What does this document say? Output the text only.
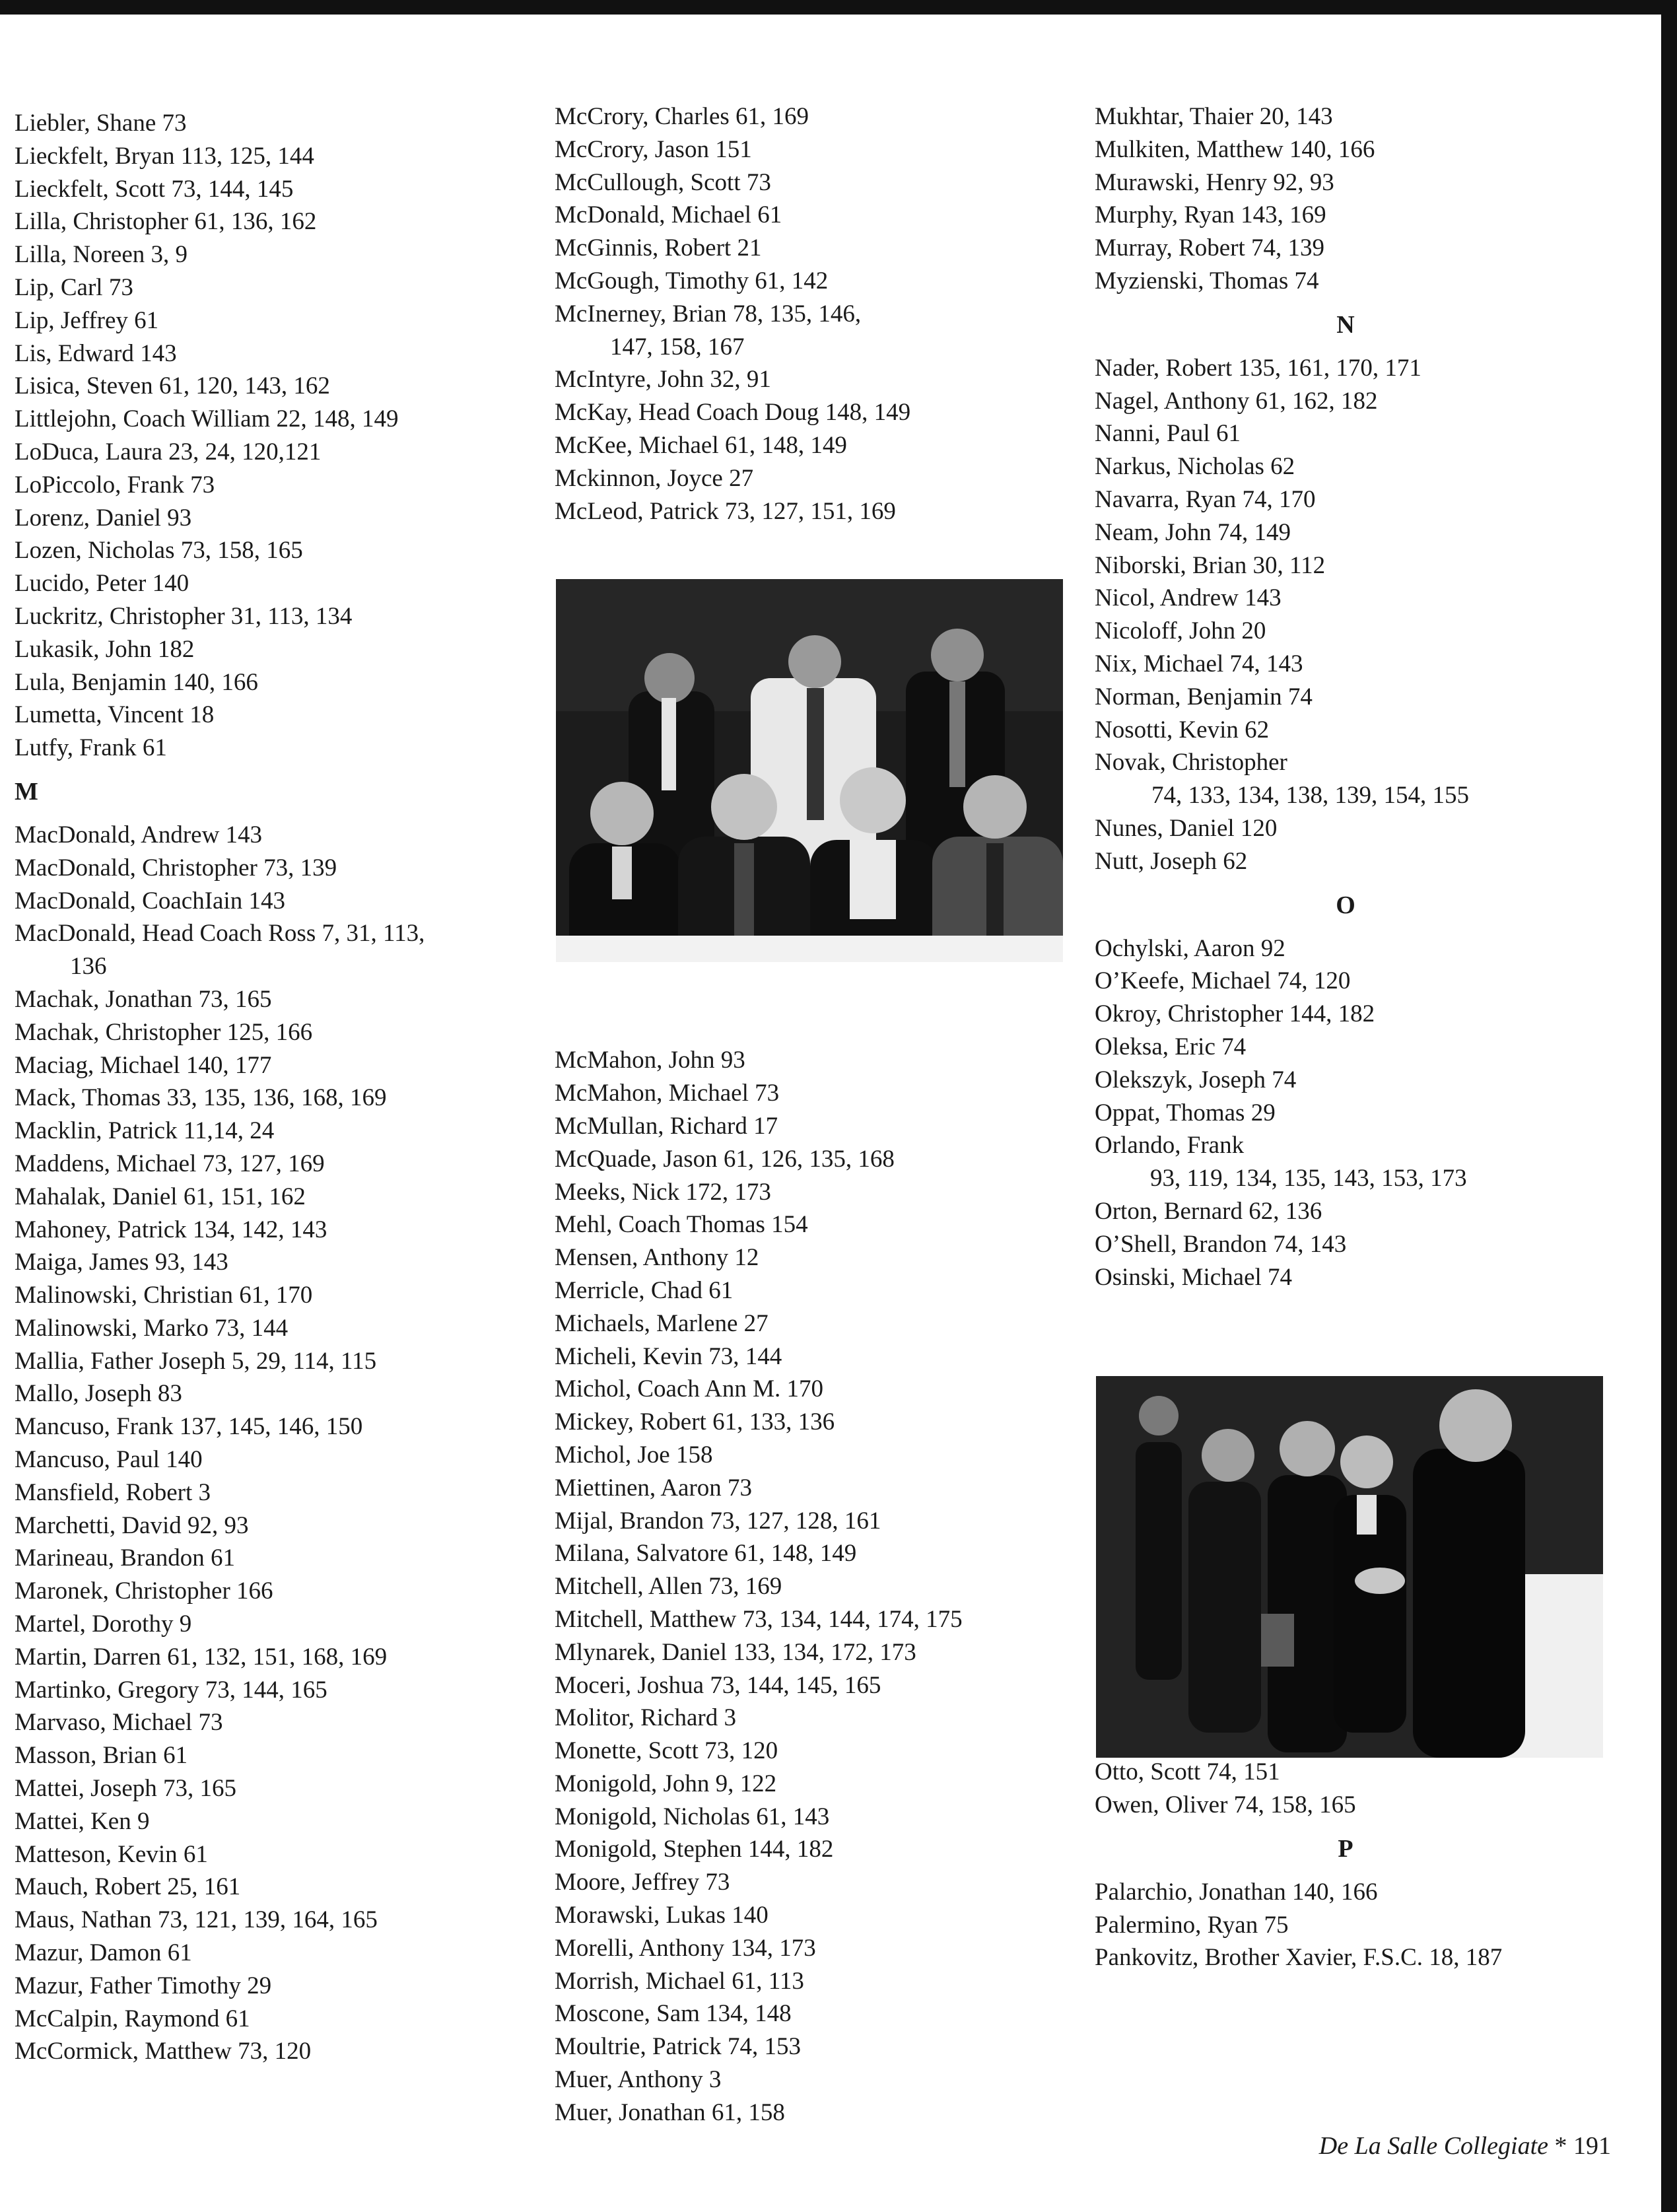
Liebler, Shane 73
Lieckfelt, Bryan 113, 125, 144
Lieckfelt, Scott 73, 144, 145
Lilla, Christopher 61, 136, 162
Lilla, Noreen 3, 9
Lip, Carl 73
Lip, Jeffrey 61
Lis, Edward 143
Lisica, Steven 61, 120, 143, 162
Littlejohn, Coach William 22, 148, 149
LoDuca, Laura 23, 24, 120,121
LoPiccolo, Frank 73
Lorenz, Daniel 93
Lozen, Nicholas 73, 158, 165
Lucido, Peter 140
Luckritz, Christopher 31, 113, 134
Lukasik, John 182
Lula, Benjamin 140, 166
Lumetta, Vincent 18
Lutfy, Frank 61
M
MacDonald, Andrew 143
MacDonald, Christopher 73, 139
MacDonald, CoachIain 143
MacDonald, Head Coach Ross 7, 31, 113,
136
Machak, Jonathan 73, 165
Machak, Christopher 125, 166
Maciag, Michael 140, 177
Mack, Thomas 33, 135, 136, 168, 169
Macklin, Patrick 11,14, 24
Maddens, Michael 73, 127, 169
Mahalak, Daniel 61, 151, 162
Mahoney, Patrick 134, 142, 143
Maiga, James 93, 143
Malinowski, Christian 61, 170
Malinowski, Marko 73, 144
Mallia, Father Joseph 5, 29, 114, 115
Mallo, Joseph 83
Mancuso, Frank 137, 145, 146, 150
Mancuso, Paul 140
Mansfield, Robert 3
Marchetti, David 92, 93
Marineau, Brandon 61
Maronek, Christopher 166
Martel, Dorothy 9
Martin, Darren 61, 132, 151, 168, 169
Martinko, Gregory 73, 144, 165
Marvaso, Michael 73
Masson, Brian 61
Mattei, Joseph 73, 165
Mattei, Ken 9
Matteson, Kevin 61
Mauch, Robert 25, 161
Maus, Nathan 73, 121, 139, 164, 165
Mazur, Damon 61
Mazur, Father Timothy 29
McCalpin, Raymond 61
McCormick, Matthew 73, 120
McCrory, Charles 61, 169
McCrory, Jason 151
McCullough, Scott 73
McDonald, Michael 61
McGinnis, Robert 21
McGough, Timothy 61, 142
McInerney, Brian 78, 135, 146,
147, 158, 167
McIntyre, John 32, 91
McKay, Head Coach Doug 148, 149
McKee, Michael 61, 148, 149
Mckinnon, Joyce 27
McLeod, Patrick 73, 127, 151, 169
McMahon, John 93
McMahon, Michael 73
McMullan, Richard 17
McQuade, Jason 61, 126, 135, 168
Meeks, Nick 172, 173
Mehl, Coach Thomas 154
Mensen, Anthony 12
Merricle, Chad 61
Michaels, Marlene 27
Micheli, Kevin 73, 144
Michol, Coach Ann M. 170
Mickey, Robert 61, 133, 136
Michol, Joe 158
Miettinen, Aaron 73
Mijal, Brandon 73, 127, 128, 161
Milana, Salvatore 61, 148, 149
Mitchell, Allen 73, 169
Mitchell, Matthew 73, 134, 144, 174, 175
Mlynarek, Daniel 133, 134, 172, 173
Moceri, Joshua 73, 144, 145, 165
Molitor, Richard 3
Monette, Scott 73, 120
Monigold, John 9, 122
Monigold, Nicholas 61, 143
Monigold, Stephen 144, 182
Moore, Jeffrey 73
Morawski, Lukas 140
Morelli, Anthony 134, 173
Morrish, Michael 61, 113
Moscone, Sam 134, 148
Moultrie, Patrick 74, 153
Muer, Anthony 3
Muer, Jonathan 61, 158
Mukhtar, Thaier 20, 143
Mulkiten, Matthew 140, 166
Murawski, Henry 92, 93
Murphy, Ryan 143, 169
Murray, Robert 74, 139
Myzienski, Thomas 74
N
Nader, Robert 135, 161, 170, 171
Nagel, Anthony 61, 162, 182
Nanni, Paul 61
Narkus, Nicholas 62
Navarra, Ryan 74, 170
Neam, John 74, 149
Niborski, Brian 30, 112
Nicol, Andrew 143
Nicoloff, John 20
Nix, Michael 74, 143
Norman, Benjamin 74
Nosotti, Kevin 62
Novak, Christopher
74, 133, 134, 138, 139, 154, 155
Nunes, Daniel 120
Nutt, Joseph 62
O
Ochylski, Aaron 92
O’Keefe, Michael 74, 120
Okroy, Christopher 144, 182
Oleksa, Eric 74
Olekszyk, Joseph 74
Oppat, Thomas 29
Orlando, Frank
93, 119, 134, 135, 143, 153, 173
Orton, Bernard 62, 136
O’Shell, Brandon 74, 143
Osinski, Michael 74
Otto, Scott 74, 151
Owen, Oliver 74, 158, 165
P
Palarchio, Jonathan 140, 166
Palermino, Ryan 75
Pankovitz, Brother Xavier, F.S.C. 18, 187
De La Salle Collegiate * 191
